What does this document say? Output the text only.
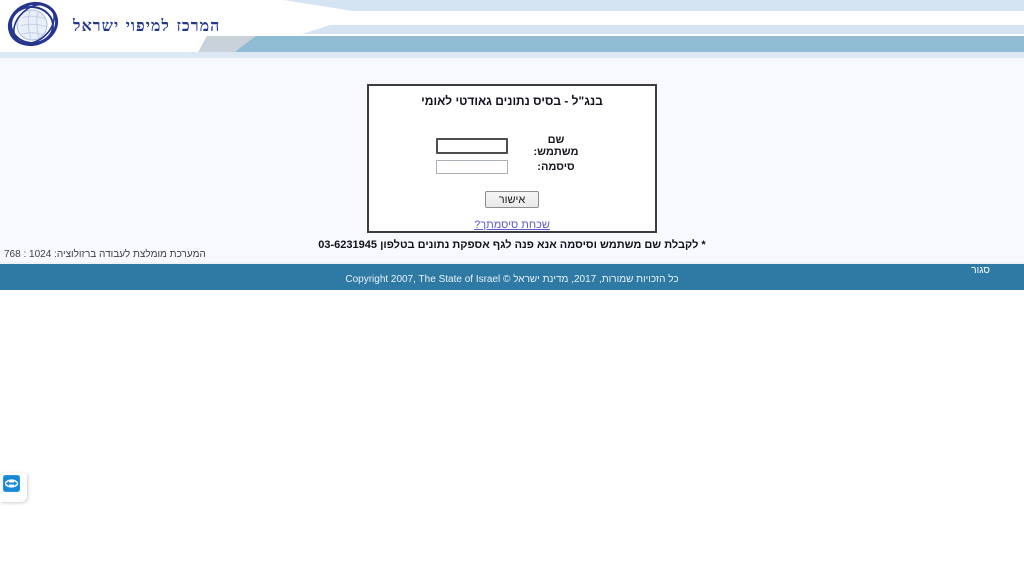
המרכז למיפוי ישראל
בנג"ל - בסיס נתונים גאודטי לאומי
שם משתמש:
סיסמה:
אישור
שכחת סיסמתך?
* לקבלת שם משתמש וסיסמה אנא פנה לגף אספקת נתונים בטלפון 03-6231945
המערכת מומלצת לעבודה ברזולוציה: 1024 : 768
סגור
כל הזכויות שמורות, 2017, מדינת ישראל © Copyright 2007, The State of Israel
